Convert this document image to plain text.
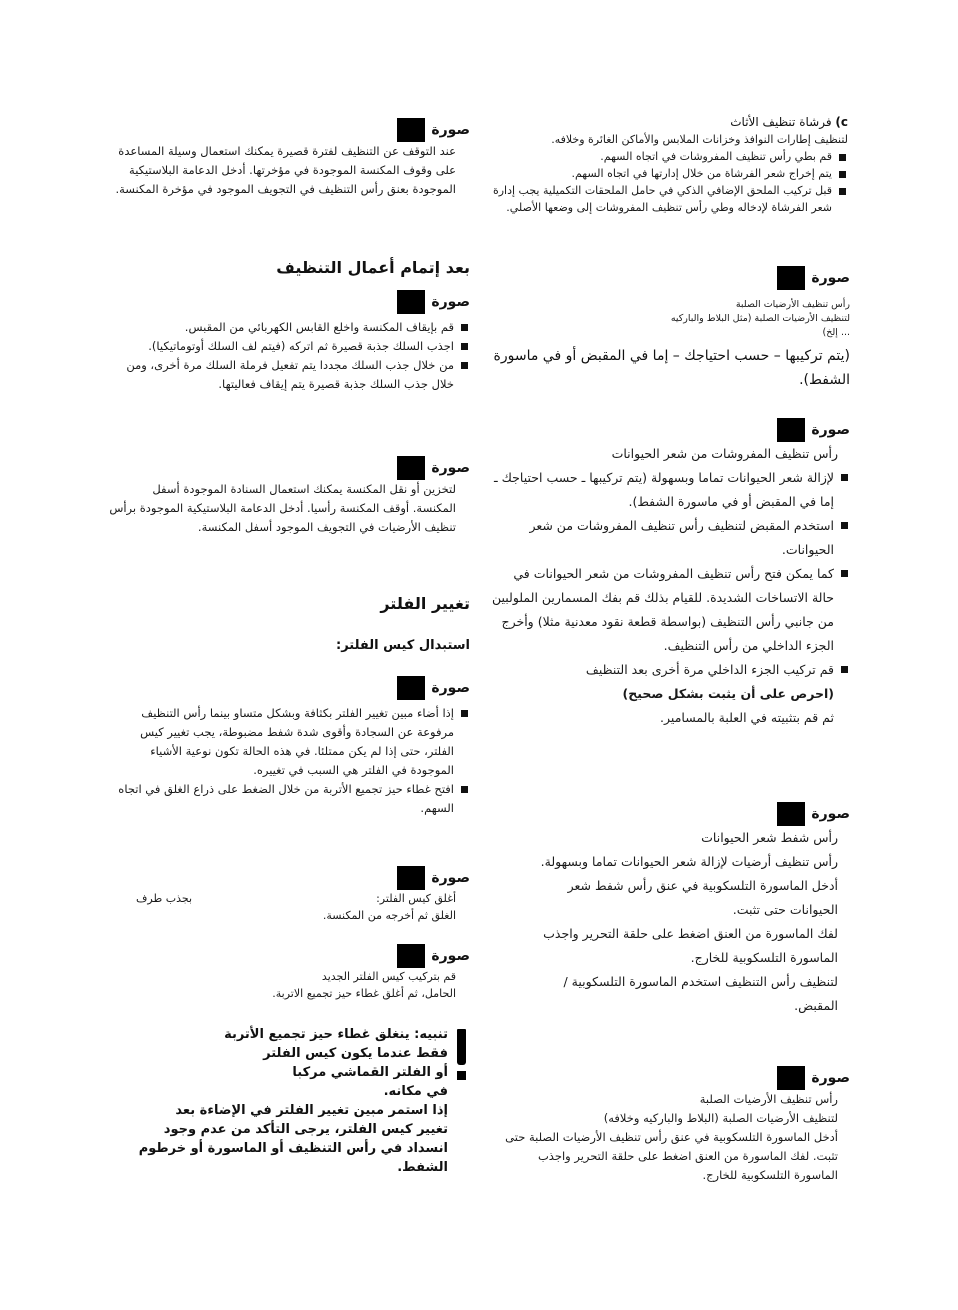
c) فرشاة تنظيف الأثاث
لتنظيف إطارات النوافذ وخزانات الملابس والأماكن الغائرة وخلافه.
قم بطي رأس تنظيف المفروشات في اتجاه السهم.
يتم إخراج شعر الفرشاة من خلال إدارتها في اتجاه السهم.
قبل تركيب الملحق الإضافي الذكي في حامل الملحقات التكميلية يجب إدارة شعر الفرشاة لإدخاله وطي رأس تنظيف المفروشات إلى وضعها الأصلي.
صورة
رأس تنظيف الأرضيات الصلبة
لتنظيف الأرضيات الصلبة (مثل البلاط والباركيه
... إلخ)
(يتم تركيبها – حسب احتياجك – إما في المقبض أو في ماسورة الشفط).
صورة
رأس تنظيف المفروشات من شعر الحيوانات
لإزالة شعر الحيوانات تماما وبسهولة (يتم تركيبها ـ حسب احتياجك ـ إما في المقبض أو في ماسورة الشفط).
استخدم المقبض لتنظيف رأس تنظيف المفروشات من شعر الحيوانات.
كما يمكن فتح رأس تنظيف المفروشات من شعر الحيوانات في حالة الاتساخات الشديدة. للقيام بذلك قم بفك المسمارين الملولبين من جانبي رأس التنظيف (بواسطة قطعة نقود معدنية مثلا) وأخرج الجزء الداخلي من رأس التنظيف.
قم تركيب الجزء الداخلي مرة أخرى بعد التنظيف
(احرص على أن يثبت بشكل صحيح)
ثم قم بتثبيته في العلبة بالمسامير.
صورة
رأس شفط شعر الحيوانات
رأس تنظيف أرضيات لإزالة شعر الحيوانات تماما وبسهولة.
أدخل الماسورة التلسكوبية في عنق رأس شفط شعر الحيوانات حتى تثبت.
لفك الماسورة من العنق اضغط على حلقة التحرير واجذب الماسورة التلسكوبية للخارج.
لتنظيف رأس التنظيف استخدم الماسورة التلسكوبية / المقبض.
صورة
رأس تنظيف الأرضيات الصلبة
لتنظيف الأرضيات الصلبة (البلاط والباركيه وخلافه)
أدخل الماسورة التلسكوبية في عنق رأس تنظيف الأرضيات الصلبة حتى تثبت. لفك الماسورة من العنق اضغط على حلقة التحرير واجذب الماسورة التلسكوبية للخارج.
صورة
عند التوقف عن التنظيف لفترة قصيرة يمكنك استعمال وسيلة المساعدة على وقوف المكنسة الموجودة في مؤخرتها. أدخل الدعامة البلاستيكية الموجودة بعنق رأس التنظيف في التجويف الموجود في مؤخرة المكنسة.
بعد إتمام أعمال التنظيف
صورة
قم بإيقاف المكنسة واخلع القابس الكهربائي من المقبس.
اجذب السلك جذبة قصيرة ثم اتركه (فيتم لف السلك أوتوماتيكيا).
من خلال جذب السلك مجددا يتم تفعيل فرملة السلك مرة أخرى، ومن خلال جذب السلك جذبة قصيرة يتم إيقاف فعاليتها.
صورة
لتخزين أو نقل المكنسة يمكنك استعمال السنادة الموجودة أسفل المكنسة. أوقف المكنسة رأسيا. أدخل الدعامة البلاستيكية الموجودة برأس تنظيف الأرضيات في التجويف الموجود أسفل المكنسة.
تغيير الفلتر
استبدال كيس الفلتر:
صورة
إذا أضاء مبين تغيير الفلتر بكثافة وبشكل متساو بينما رأس التنظيف مرفوعة عن السجادة وأقوى شدة شفط مضبوطة، يجب تغيير كيس الفلتر، حتى إذا لم يكن ممتلئا. في هذه الحالة تكون نوعية الأشياء الموجودة في الفلتر هي السبب في تغييره.
افتح غطاء حيز تجميع الأتربة من خلال الضغط على ذراع الغلق في اتجاه السهم.
صورة
أغلق كيس الفلتر:
الغلق ثم أخرجه من المكنسة.
بجذب طرف
صورة
قم بتركيب كيس الفلتر الجديد
الحامل، ثم أغلق غطاء حيز تجميع الاتربة.
تنبيه: ينغلق غطاء حيز تجميع الأتربة
فقط عندما يكون كيس الفلتر
أو الفلتر القماشي مركبا
في مكانه.
إذا استمر مبين تغيير الفلتر في الإضاءة بعد
تغيير كيس الفلتر، يرجى التأكد من عدم وجود
انسداد في رأس التنظيف أو الماسورة أو خرطوم
الشفط.
